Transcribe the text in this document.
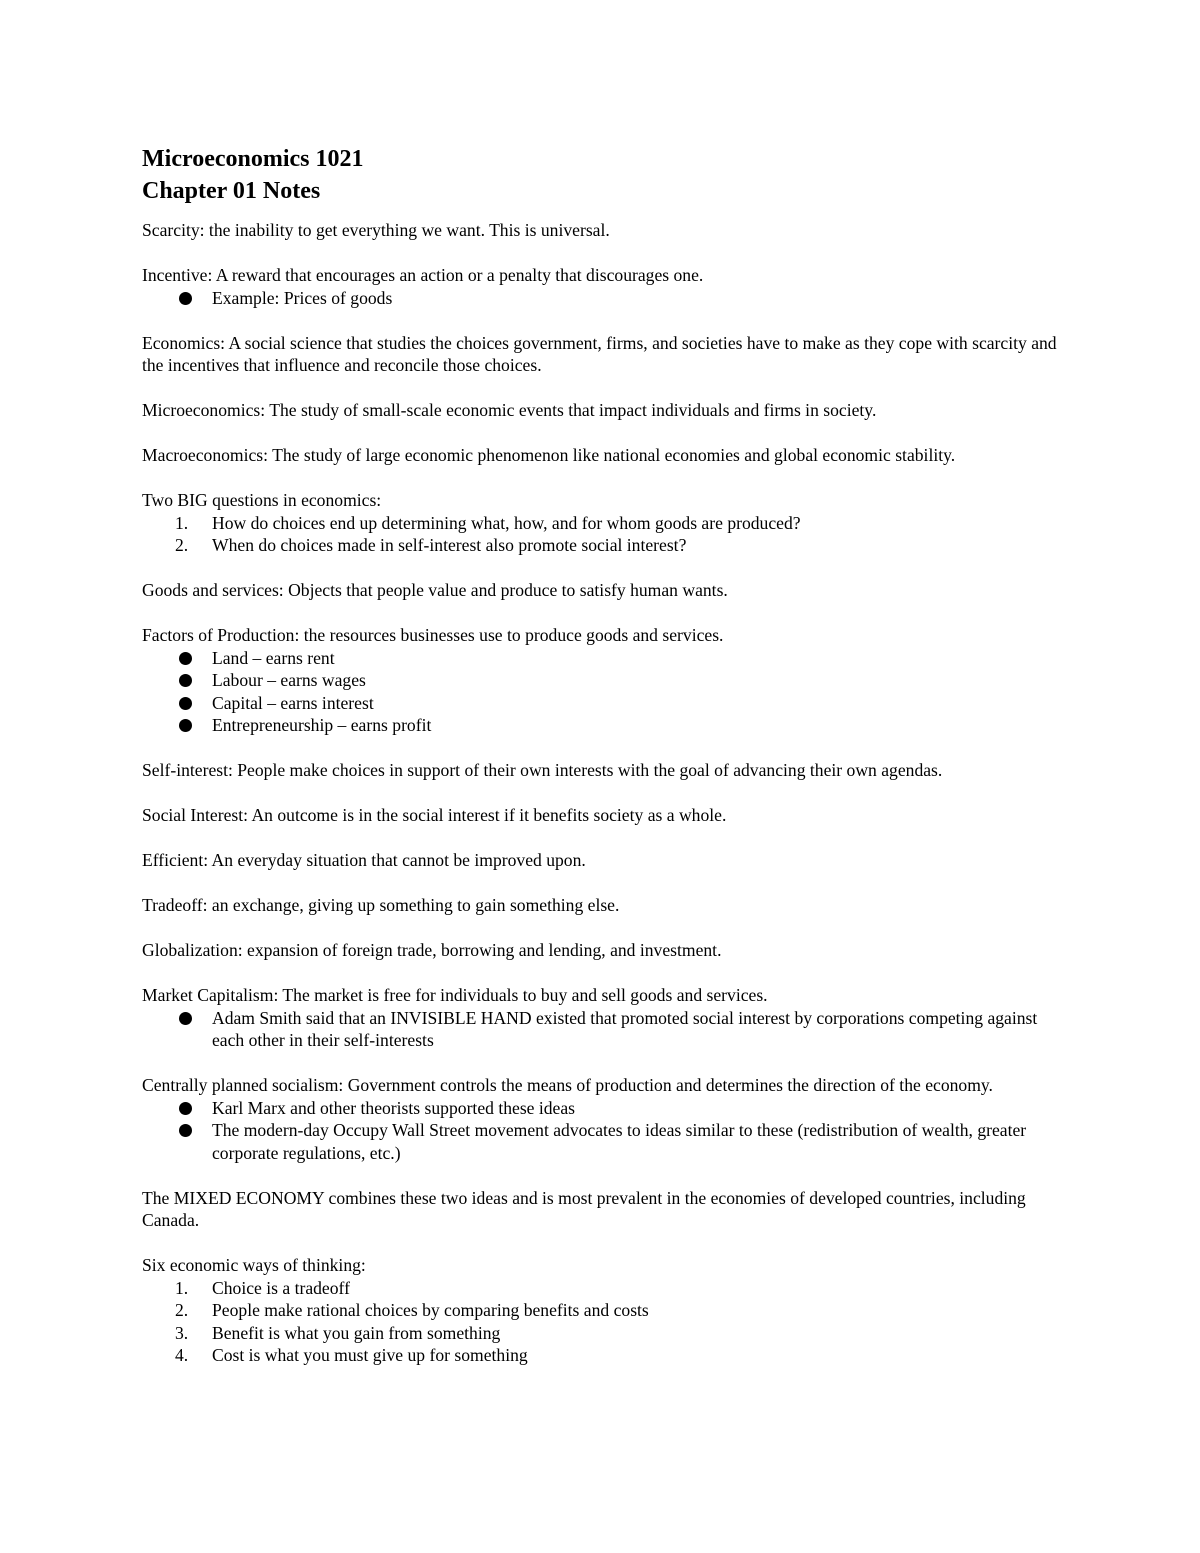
Microeconomics 1021
Chapter 01 Notes

Scarcity: the inability to get everything we want. This is universal.

Incentive: A reward that encourages an action or a penalty that discourages one.

Example: Prices of goods

Economics: A social science that studies the choices government, firms, and societies have to make as they cope with scarcity and the incentives that influence and reconcile those choices.

Microeconomics: The study of small-scale economic events that impact individuals and firms in society.

Macroeconomics: The study of large economic phenomenon like national economies and global economic stability.

Two BIG questions in economics:

1. How do choices end up determining what, how, and for whom goods are produced?
2. When do choices made in self-interest also promote social interest?

Goods and services: Objects that people value and produce to satisfy human wants.

Factors of Production: the resources businesses use to produce goods and services.

Land – earns rent
Labour – earns wages
Capital – earns interest
Entrepreneurship – earns profit

Self-interest: People make choices in support of their own interests with the goal of advancing their own agendas.

Social Interest: An outcome is in the social interest if it benefits society as a whole.

Efficient: An everyday situation that cannot be improved upon.

Tradeoff: an exchange, giving up something to gain something else.

Globalization: expansion of foreign trade, borrowing and lending, and investment.

Market Capitalism: The market is free for individuals to buy and sell goods and services.

Adam Smith said that an INVISIBLE HAND existed that promoted social interest by corporations competing against each other in their self-interests

Centrally planned socialism: Government controls the means of production and determines the direction of the economy.

Karl Marx and other theorists supported these ideas
The modern-day Occupy Wall Street movement advocates to ideas similar to these (redistribution of wealth, greater corporate regulations, etc.)

The MIXED ECONOMY combines these two ideas and is most prevalent in the economies of developed countries, including Canada.

Six economic ways of thinking:

1. Choice is a tradeoff
2. People make rational choices by comparing benefits and costs
3. Benefit is what you gain from something
4. Cost is what you must give up for something
